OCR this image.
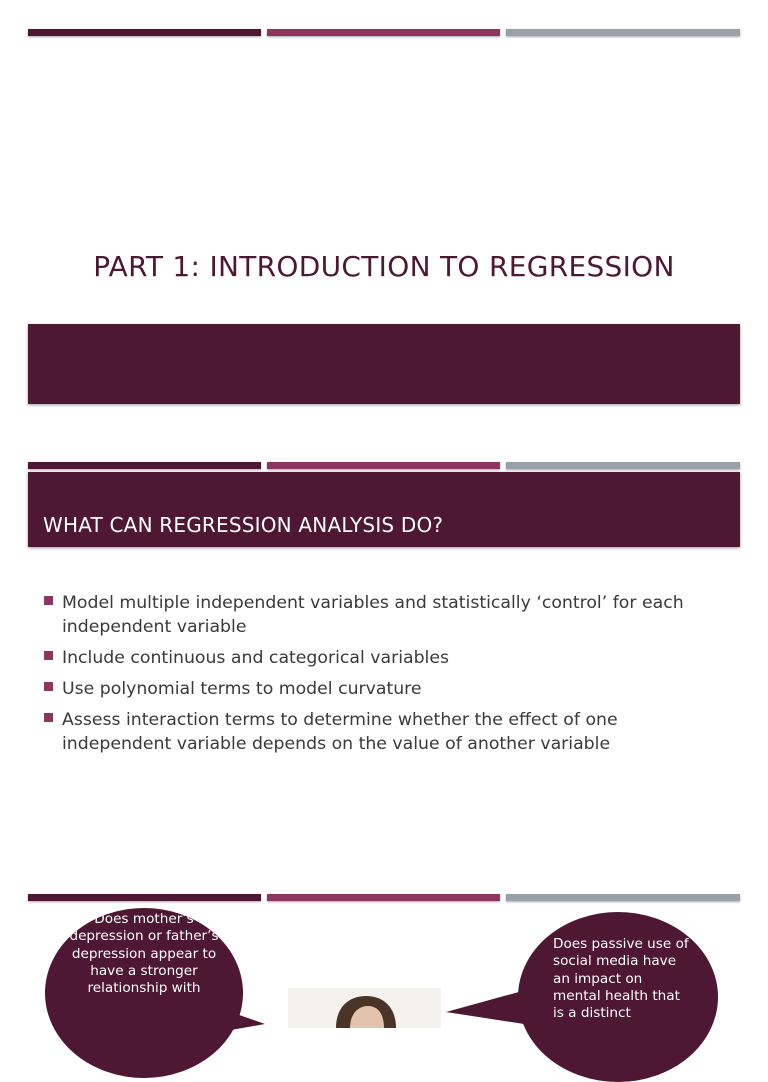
PART 1: INTRODUCTION TO REGRESSION
WHAT CAN REGRESSION ANALYSIS DO?
Model multiple independent variables and statistically ‘control’ for each independent variable
Include continuous and categorical variables
Use polynomial terms to model curvature
Assess interaction terms to determine whether the effect of one independent variable depends on the value of another variable
Does mother’s depression or father’s depression appear to have a stronger relationship with
Does passive use of social media have an impact on mental health that is a distinct
